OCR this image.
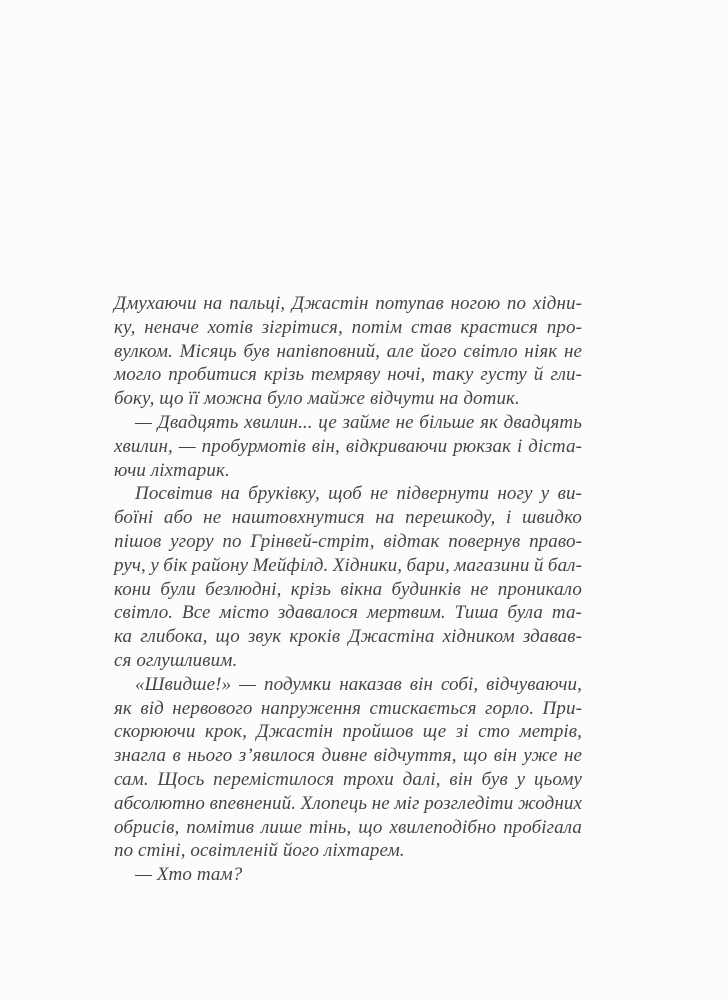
Дмухаючи на пальці, Джастін потупав ногою по хідни-
ку, неначе хотів зігрітися, потім став крастися про-
вулком. Місяць був напівповний, але його світло ніяк не
могло пробитися крізь темряву ночі, таку густу й гли-
боку, що її можна було майже відчути на дотик.
— Двадцять хвилин... це займе не більше як двадцять
хвилин, — пробурмотів він, відкриваючи рюкзак і діста-
ючи ліхтарик.
Посвітив на бруківку, щоб не підвернути ногу у ви-
боїні або не наштовхнутися на перешкоду, і швидко
пішов угору по Грінвей-стріт, відтак повернув право-
руч, у бік району Мейфілд. Хідники, бари, магазини й бал-
кони були безлюдні, крізь вікна будинків не проникало
світло. Все місто здавалося мертвим. Тиша була та-
ка глибока, що звук кроків Джастіна хідником здавав-
ся оглушливим.
«Швидше!» — подумки наказав він собі, відчуваючи,
як від нервового напруження стискається горло. При-
скорюючи крок, Джастін пройшов ще зі сто метрів,
знагла в нього з’явилося дивне відчуття, що він уже не
сам. Щось перемістилося трохи далі, він був у цьому
абсолютно впевнений. Хлопець не міг розгледіти жодних
обрисів, помітив лише тінь, що хвилеподібно пробігала
по стіні, освітленій його ліхтарем.
— Хто там?
